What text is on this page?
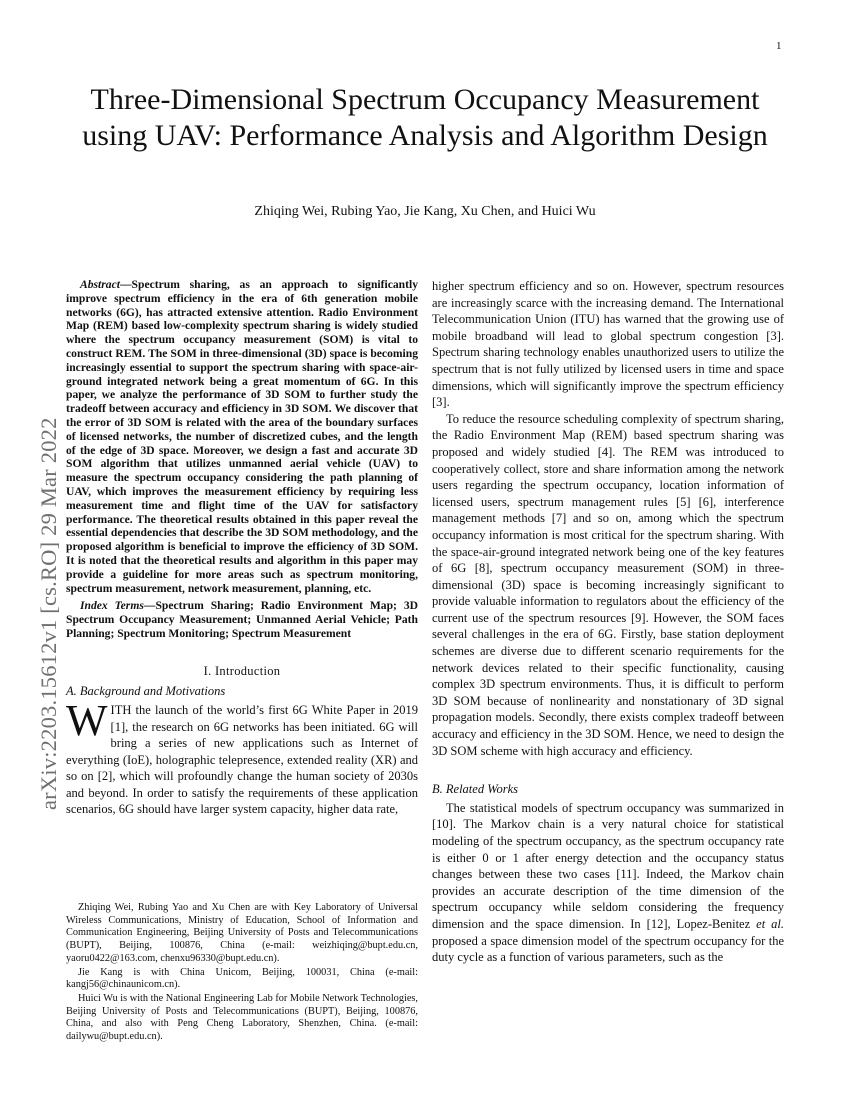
1
arXiv:2203.15612v1 [cs.RO] 29 Mar 2022
Three-Dimensional Spectrum Occupancy Measurement using UAV: Performance Analysis and Algorithm Design
Zhiqing Wei, Rubing Yao, Jie Kang, Xu Chen, and Huici Wu

Abstract—Spectrum sharing, as an approach to significantly improve spectrum efficiency in the era of 6th generation mobile networks (6G), has attracted extensive attention. Radio Environment Map (REM) based low-complexity spectrum sharing is widely studied where the spectrum occupancy measurement (SOM) is vital to construct REM. The SOM in three-dimensional (3D) space is becoming increasingly essential to support the spectrum sharing with space-air-ground integrated network being a great momentum of 6G. In this paper, we analyze the performance of 3D SOM to further study the tradeoff between accuracy and efficiency in 3D SOM. We discover that the error of 3D SOM is related with the area of the boundary surfaces of licensed networks, the number of discretized cubes, and the length of the edge of 3D space. Moreover, we design a fast and accurate 3D SOM algorithm that utilizes unmanned aerial vehicle (UAV) to measure the spectrum occupancy considering the path planning of UAV, which improves the measurement efficiency by requiring less measurement time and flight time of the UAV for satisfactory performance. The theoretical results obtained in this paper reveal the essential dependencies that describe the 3D SOM methodology, and the proposed algorithm is beneficial to improve the efficiency of 3D SOM. It is noted that the theoretical results and algorithm in this paper may provide a guideline for more areas such as spectrum monitoring, spectrum measurement, network measurement, planning, etc.

Index Terms—Spectrum Sharing; Radio Environment Map; 3D Spectrum Occupancy Measurement; Unmanned Aerial Vehicle; Path Planning; Spectrum Monitoring; Spectrum Measurement

I. Introduction
A. Background and Motivations

WITH the launch of the world’s first 6G White Paper in 2019 [1], the research on 6G networks has been initiated. 6G will bring a series of new applications such as Internet of everything (IoE), holographic telepresence, extended reality (XR) and so on [2], which will profoundly change the human society of 2030s and beyond. In order to satisfy the requirements of these application scenarios, 6G should have larger system capacity, higher data rate,

Zhiqing Wei, Rubing Yao and Xu Chen are with Key Laboratory of Universal Wireless Communications, Ministry of Education, School of Information and Communication Engineering, Beijing University of Posts and Telecommunications (BUPT), Beijing, 100876, China (e-mail: weizhiqing@bupt.edu.cn, yaoru0422@163.com, chenxu96330@bupt.edu.cn).

Jie Kang is with China Unicom, Beijing, 100031, China (e-mail: kangj56@chinaunicom.cn).

Huici Wu is with the National Engineering Lab for Mobile Network Technologies, Beijing University of Posts and Telecommunications (BUPT), Beijing, 100876, China, and also with Peng Cheng Laboratory, Shenzhen, China. (e-mail: dailywu@bupt.edu.cn).

higher spectrum efficiency and so on. However, spectrum resources are increasingly scarce with the increasing demand. The International Telecommunication Union (ITU) has warned that the growing use of mobile broadband will lead to global spectrum congestion [3]. Spectrum sharing technology enables unauthorized users to utilize the spectrum that is not fully utilized by licensed users in time and space dimensions, which will significantly improve the spectrum efficiency [3].

To reduce the resource scheduling complexity of spectrum sharing, the Radio Environment Map (REM) based spectrum sharing was proposed and widely studied [4]. The REM was introduced to cooperatively collect, store and share information among the network users regarding the spectrum occupancy, location information of licensed users, spectrum management rules [5] [6], interference management methods [7] and so on, among which the spectrum occupancy information is most critical for the spectrum sharing. With the space-air-ground integrated network being one of the key features of 6G [8], spectrum occupancy measurement (SOM) in three-dimensional (3D) space is becoming increasingly significant to provide valuable information to regulators about the efficiency of the current use of the spectrum resources [9]. However, the SOM faces several challenges in the era of 6G. Firstly, base station deployment schemes are diverse due to different scenario requirements for the network devices related to their specific functionality, causing complex 3D spectrum environments. Thus, it is difficult to perform 3D SOM because of nonlinearity and nonstationary of 3D signal propagation models. Secondly, there exists complex tradeoff between accuracy and efficiency in the 3D SOM. Hence, we need to design the 3D SOM scheme with high accuracy and efficiency.

B. Related Works

The statistical models of spectrum occupancy was summarized in [10]. The Markov chain is a very natural choice for statistical modeling of the spectrum occupancy, as the spectrum occupancy rate is either 0 or 1 after energy detection and the occupancy status changes between these two cases [11]. Indeed, the Markov chain provides an accurate description of the time dimension of the spectrum occupancy while seldom considering the frequency dimension and the space dimension. In [12], Lopez-Benitez et al. proposed a space dimension model of the spectrum occupancy for the duty cycle as a function of various parameters, such as the
